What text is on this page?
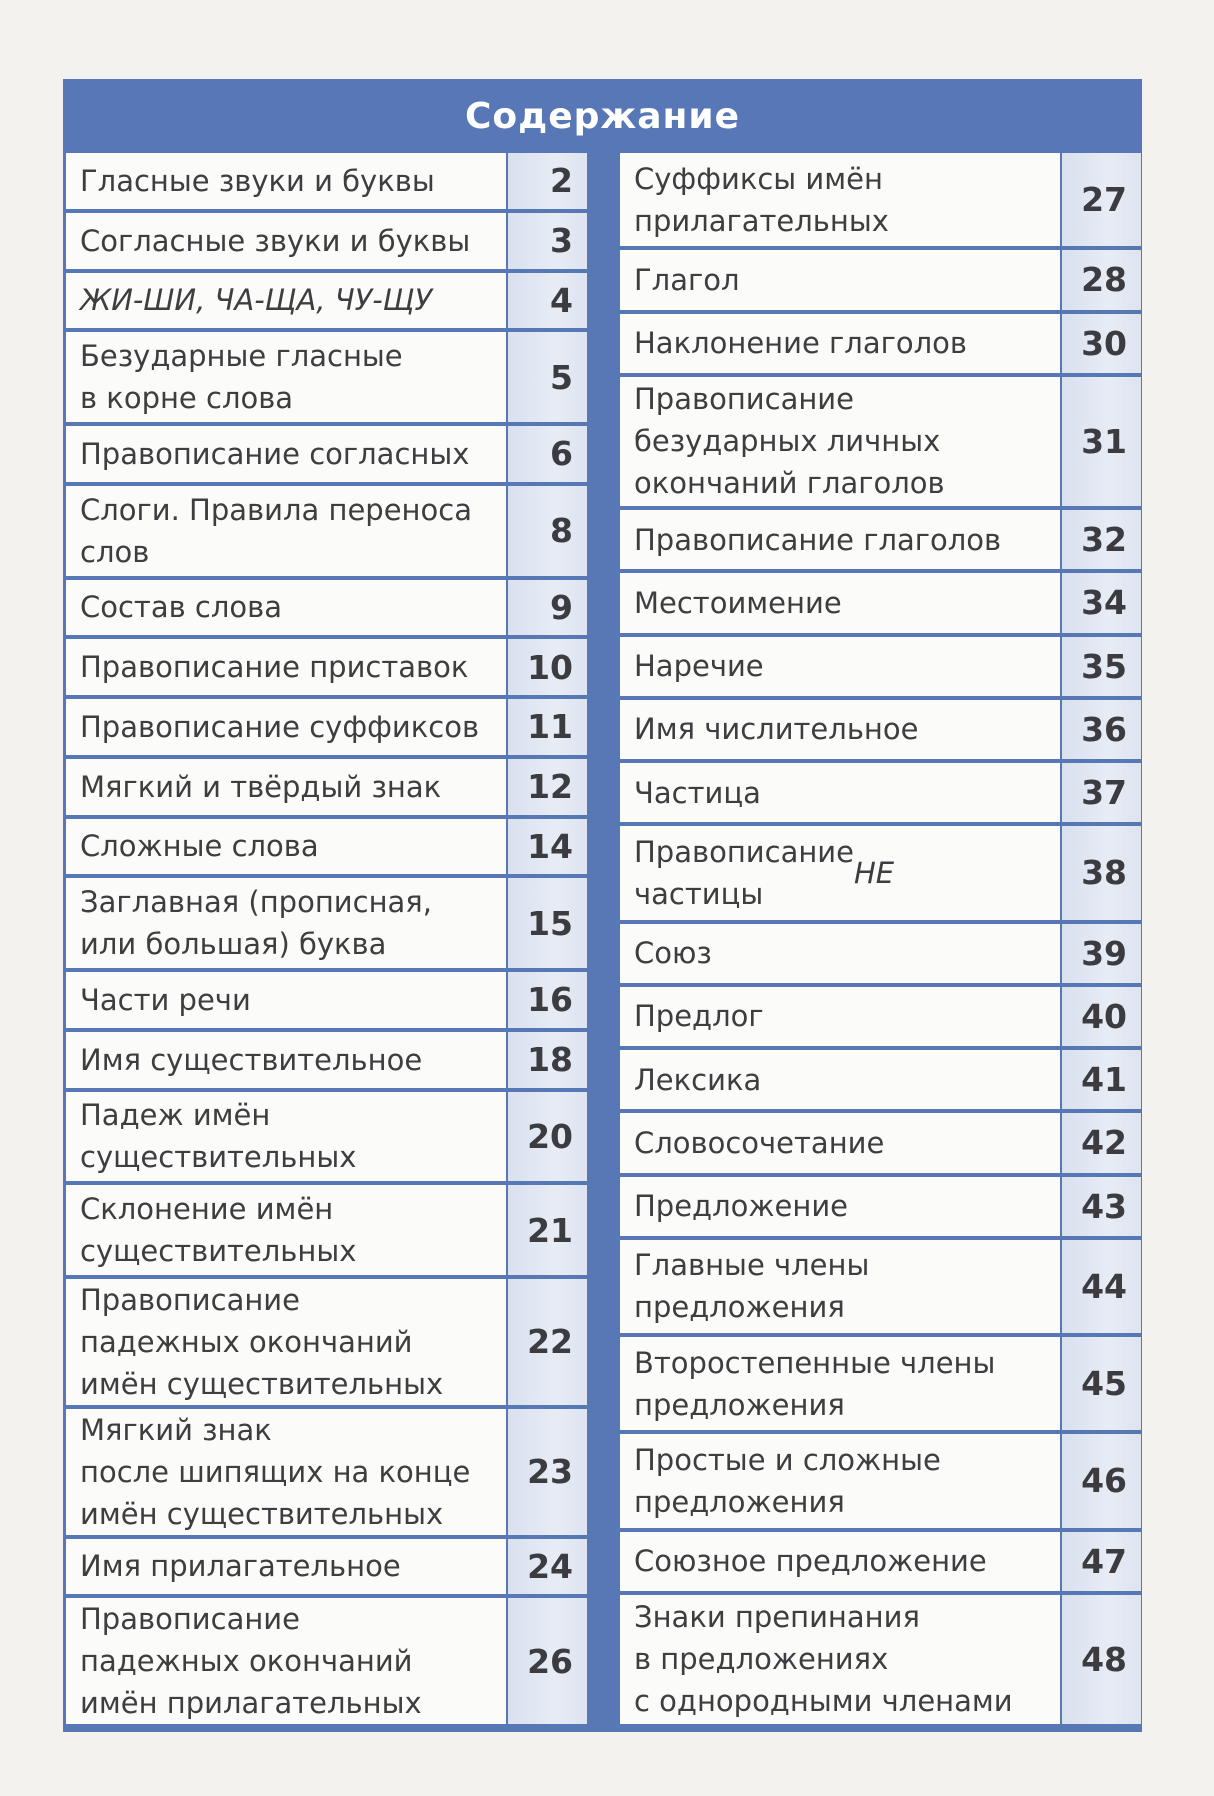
Содержание
Гласные звуки и буквы	2
Согласные звуки и буквы	3
ЖИ-ШИ, ЧА-ЩА, ЧУ-ЩУ	4
Безударные гласные
в корне слова
5
Правописание согласных	6
Слоги. Правила переноса
слов
8
Состав слова	9
Правописание приставок	10
Правописание суффиксов	11
Мягкий и твёрдый знак	12
Сложные слова	14
Заглавная (прописная,
или большая) буква
15
Части речи	16
Имя существительное	18
Падеж имён
существительных
20
Склонение имён
существительных
21
Правописание
падежных окончаний
имён существительных
22
Мягкий знак
после шипящих на конце
имён существительных
23
Имя прилагательное	24
Правописание
падежных окончаний
имён прилагательных
26
Суффиксы имён
прилагательных
27
Глагол	28
Наклонение глаголов	30
Правописание
безударных личных
окончаний глаголов
31
Правописание глаголов	32
Местоимение	34
Наречие	35
Имя числительное	36
Частица	37
Правописание
частицы
НЕ	38
Союз	39
Предлог	40
Лексика	41
Словосочетание	42
Предложение	43
Главные члены
предложения
44
Второстепенные члены
предложения
45
Простые и сложные
предложения
46
Союзное предложение	47
Знаки препинания
в предложениях
с однородными членами
48
